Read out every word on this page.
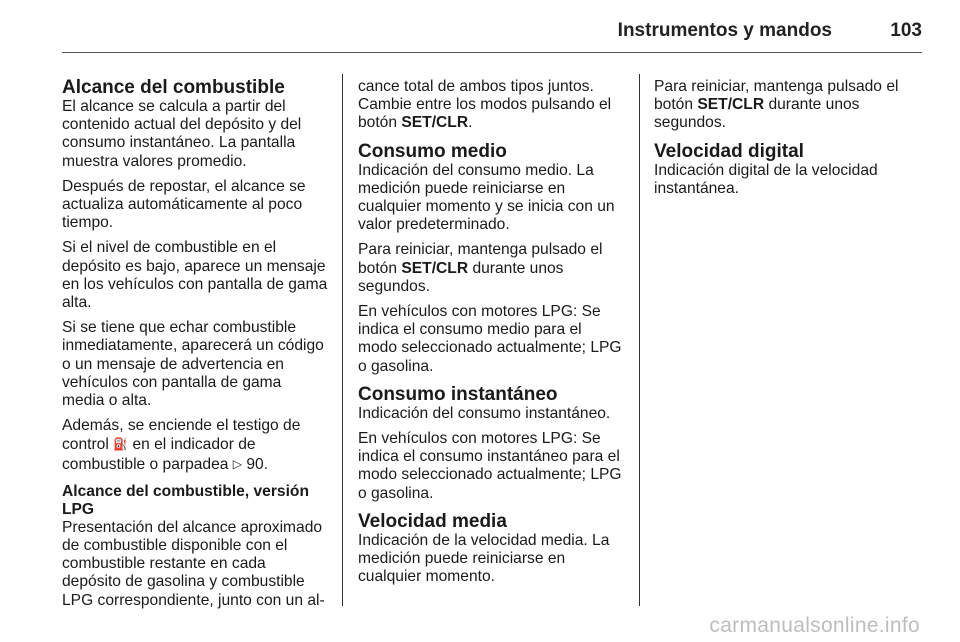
Instrumentos y mandos	103
Alcance del combustible

El alcance se calcula a partir del contenido actual del depósito y del consumo instantáneo. La pantalla muestra valores promedio.

Después de repostar, el alcance se actualiza automáticamente al poco tiempo.

Si el nivel de combustible en el depósito es bajo, aparece un mensaje en los vehículos con pantalla de gama alta.

Si se tiene que echar combustible inmediatamente, aparecerá un código o un mensaje de advertencia en vehículos con pantalla de gama media o alta.

Además, se enciende el testigo de control ⛽ en el indicador de combustible o parpadea ▷ 90.

Alcance del combustible, versión LPG

Presentación del alcance aproximado de combustible disponible con el combustible restante en cada depósito de gasolina y combustible LPG correspondiente, junto con un al-

cance total de ambos tipos juntos. Cambie entre los modos pulsando el botón SET/CLR.

Consumo medio

Indicación del consumo medio. La medición puede reiniciarse en cualquier momento y se inicia con un valor predeterminado.

Para reiniciar, mantenga pulsado el botón SET/CLR durante unos segundos.

En vehículos con motores LPG: Se indica el consumo medio para el modo seleccionado actualmente; LPG o gasolina.

Consumo instantáneo

Indicación del consumo instantáneo.

En vehículos con motores LPG: Se indica el consumo instantáneo para el modo seleccionado actualmente; LPG o gasolina.

Velocidad media

Indicación de la velocidad media. La medición puede reiniciarse en cualquier momento.

Para reiniciar, mantenga pulsado el botón SET/CLR durante unos segundos.

Velocidad digital

Indicación digital de la velocidad instantánea.

carmanualsonline.info
